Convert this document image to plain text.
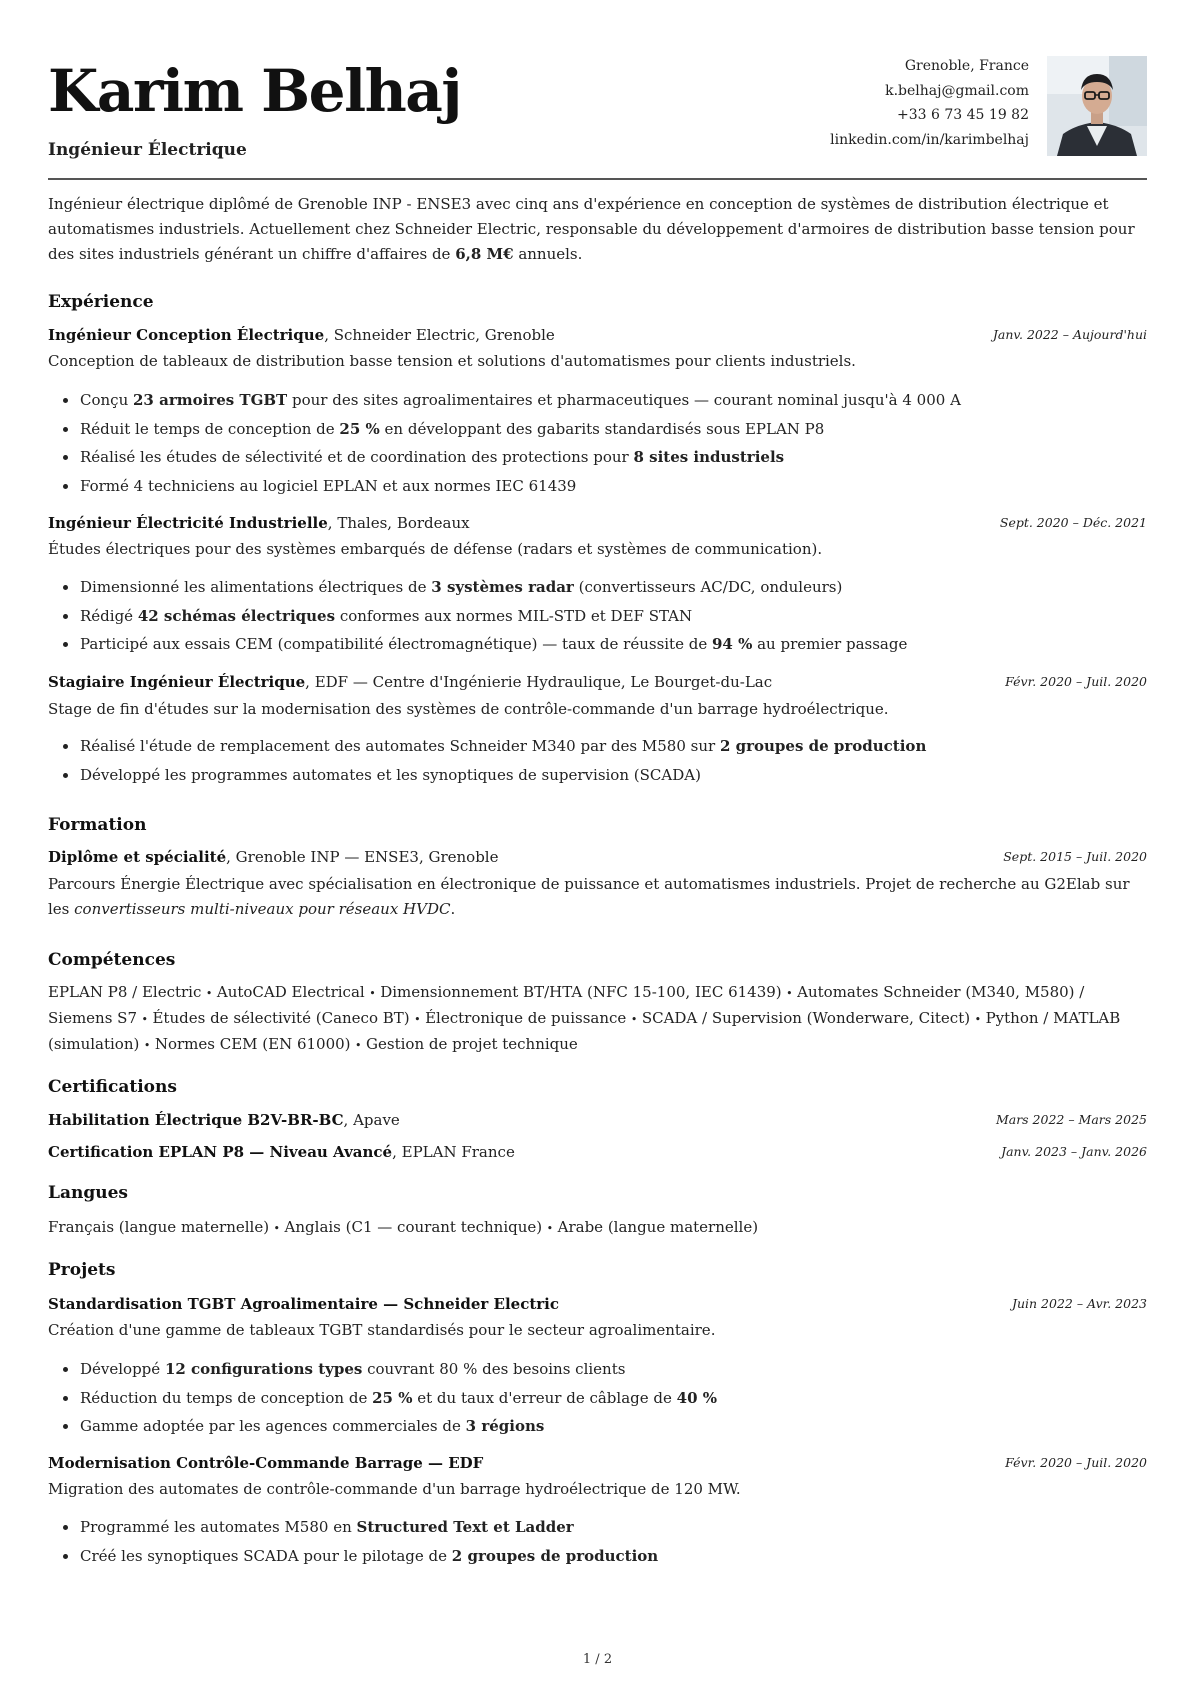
Karim Belhaj
Ingénieur Électrique
Grenoble, France
k.belhaj@gmail.com
+33 6 73 45 19 82
linkedin.com/in/karimbelhaj
Ingénieur électrique diplômé de Grenoble INP - ENSE3 avec cinq ans d'expérience en conception de systèmes de distribution électrique et automatismes industriels. Actuellement chez Schneider Electric, responsable du développement d'armoires de distribution basse tension pour des sites industriels générant un chiffre d'affaires de 6,8 M€ annuels.
Expérience
Ingénieur Conception Électrique, Schneider Electric, Grenoble	Janv. 2022 – Aujourd'hui
Conception de tableaux de distribution basse tension et solutions d'automatismes pour clients industriels.
Conçu 23 armoires TGBT pour des sites agroalimentaires et pharmaceutiques — courant nominal jusqu'à 4 000 A
Réduit le temps de conception de 25 % en développant des gabarits standardisés sous EPLAN P8
Réalisé les études de sélectivité et de coordination des protections pour 8 sites industriels
Formé 4 techniciens au logiciel EPLAN et aux normes IEC 61439
Ingénieur Électricité Industrielle, Thales, Bordeaux	Sept. 2020 – Déc. 2021
Études électriques pour des systèmes embarqués de défense (radars et systèmes de communication).
Dimensionné les alimentations électriques de 3 systèmes radar (convertisseurs AC/DC, onduleurs)
Rédigé 42 schémas électriques conformes aux normes MIL-STD et DEF STAN
Participé aux essais CEM (compatibilité électromagnétique) — taux de réussite de 94 % au premier passage
Stagiaire Ingénieur Électrique, EDF — Centre d'Ingénierie Hydraulique, Le Bourget-du-Lac	Févr. 2020 – Juil. 2020
Stage de fin d'études sur la modernisation des systèmes de contrôle-commande d'un barrage hydroélectrique.
Réalisé l'étude de remplacement des automates Schneider M340 par des M580 sur 2 groupes de production
Développé les programmes automates et les synoptiques de supervision (SCADA)
Formation
Diplôme et spécialité, Grenoble INP — ENSE3, Grenoble	Sept. 2015 – Juil. 2020
Parcours Énergie Électrique avec spécialisation en électronique de puissance et automatismes industriels. Projet de recherche au G2Elab sur les convertisseurs multi-niveaux pour réseaux HVDC.
Compétences
EPLAN P8 / Electric • AutoCAD Electrical • Dimensionnement BT/HTA (NFC 15-100, IEC 61439) • Automates Schneider (M340, M580) / Siemens S7 • Études de sélectivité (Caneco BT) • Électronique de puissance • SCADA / Supervision (Wonderware, Citect) • Python / MATLAB (simulation) • Normes CEM (EN 61000) • Gestion de projet technique
Certifications
Habilitation Électrique B2V-BR-BC, Apave	Mars 2022 – Mars 2025
Certification EPLAN P8 — Niveau Avancé, EPLAN France	Janv. 2023 – Janv. 2026
Langues
Français (langue maternelle) • Anglais (C1 — courant technique) • Arabe (langue maternelle)
Projets
Standardisation TGBT Agroalimentaire — Schneider Electric	Juin 2022 – Avr. 2023
Création d'une gamme de tableaux TGBT standardisés pour le secteur agroalimentaire.
Développé 12 configurations types couvrant 80 % des besoins clients
Réduction du temps de conception de 25 % et du taux d'erreur de câblage de 40 %
Gamme adoptée par les agences commerciales de 3 régions
Modernisation Contrôle-Commande Barrage — EDF	Févr. 2020 – Juil. 2020
Migration des automates de contrôle-commande d'un barrage hydroélectrique de 120 MW.
Programmé les automates M580 en Structured Text et Ladder
Créé les synoptiques SCADA pour le pilotage de 2 groupes de production
1 / 2
